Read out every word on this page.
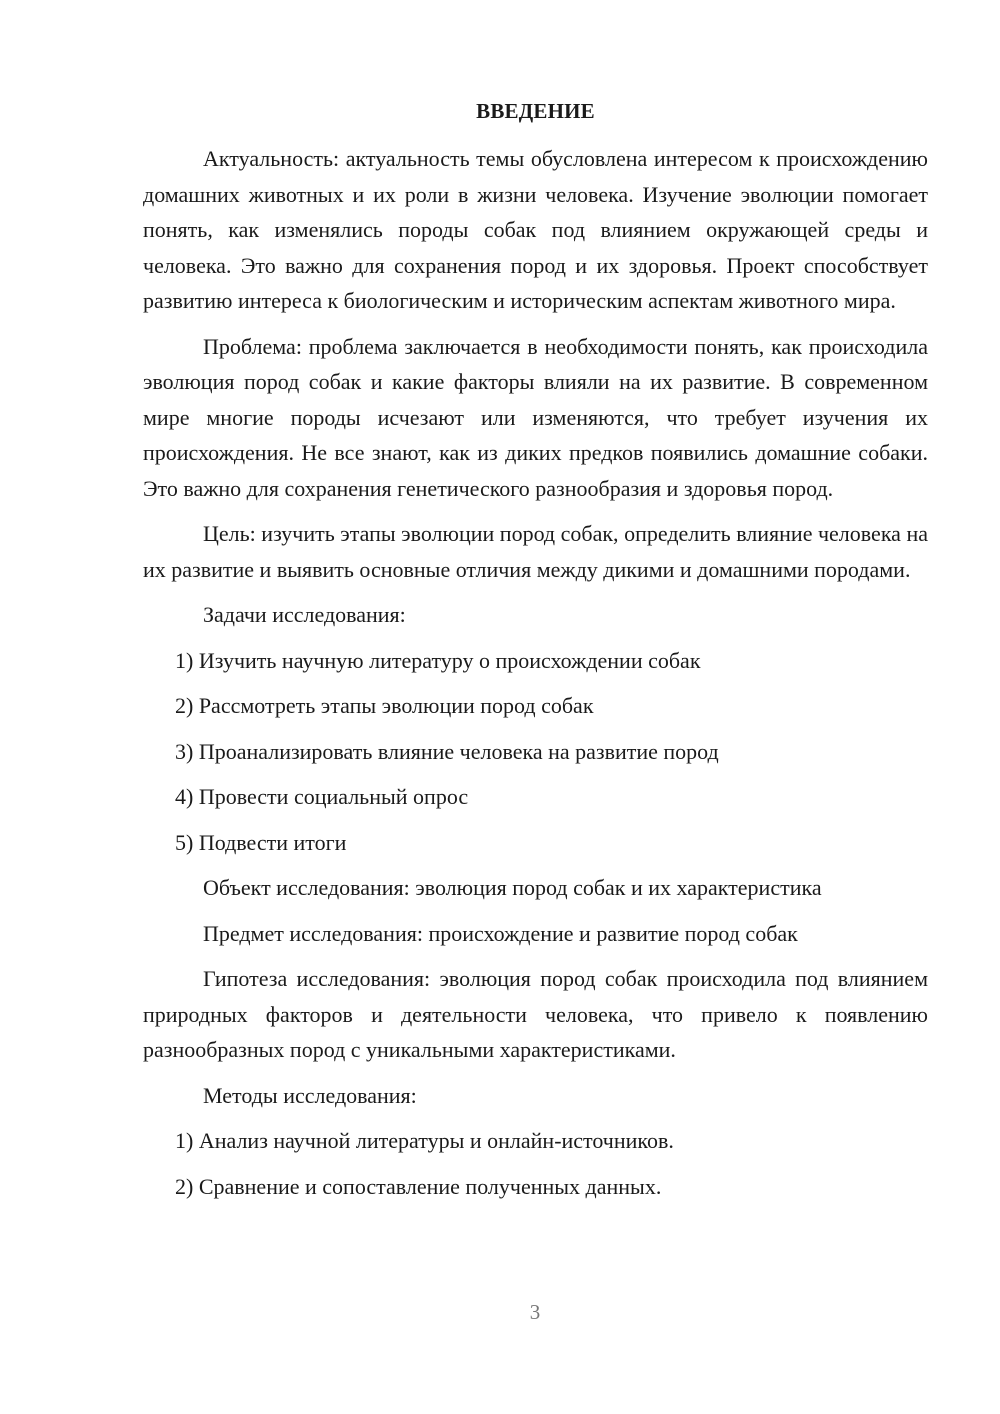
ВВЕДЕНИЕ

Актуальность: актуальность темы обусловлена интересом к происхождению домашних животных и их роли в жизни человека. Изучение эволюции помогает понять, как изменялись породы собак под влиянием окружающей среды и человека. Это важно для сохранения пород и их здоровья. Проект способствует развитию интереса к биологическим и историческим аспектам животного мира.

Проблема: проблема заключается в необходимости понять, как происходила эволюция пород собак и какие факторы влияли на их развитие. В современном мире многие породы исчезают или изменяются, что требует изучения их происхождения. Не все знают, как из диких предков появились домашние собаки. Это важно для сохранения генетического разнообразия и здоровья пород.

Цель: изучить этапы эволюции пород собак, определить влияние человека на их развитие и выявить основные отличия между дикими и домашними породами.

Задачи исследования:
1) Изучить научную литературу о происхождении собак
2) Рассмотреть этапы эволюции пород собак
3) Проанализировать влияние человека на развитие пород
4) Провести социальный опрос
5) Подвести итоги
Объект исследования: эволюция пород собак и их характеристика
Предмет исследования: происхождение и развитие пород собак

Гипотеза исследования: эволюция пород собак происходила под влиянием природных факторов и деятельности человека, что привело к появлению разнообразных пород с уникальными характеристиками.

Методы исследования:
1) Анализ научной литературы и онлайн-источников.
2) Сравнение и сопоставление полученных данных.
3
